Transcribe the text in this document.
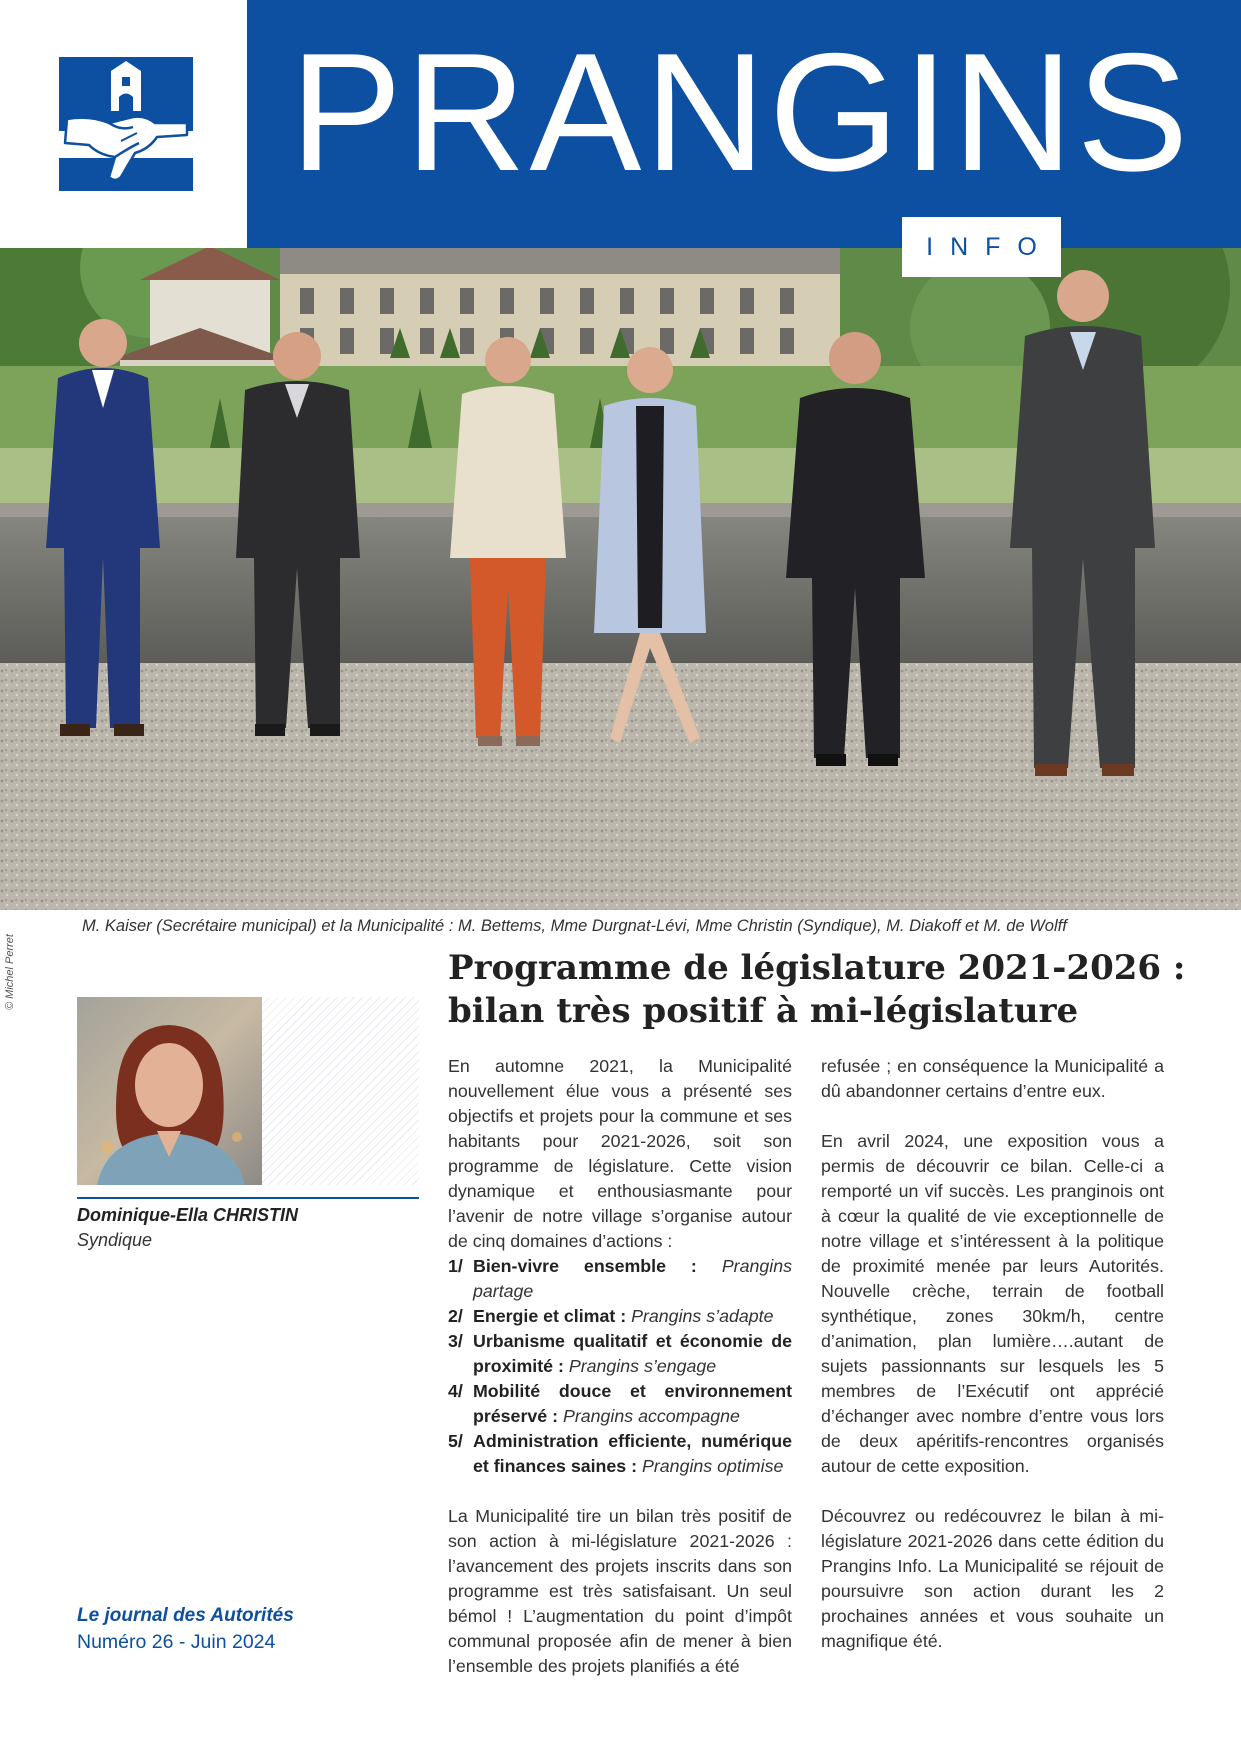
PRANGINS
INFO
M. Kaiser (Secrétaire municipal) et la Municipalité : M. Bettems, Mme Durgnat-Lévi, Mme Christin (Syndique), M. Diakoff et M. de Wolff
© Michel Perret
Dominique-Ella CHRISTIN
Syndique
Le journal des Autorités
Numéro 26 - Juin 2024
Programme de législature 2021-2026 :
bilan très positif à mi-législature

En automne 2021, la Municipalité nouvellement élue vous a présenté ses objectifs et projets pour la commune et ses habitants pour 2021-2026, soit son programme de législature. Cette vision dynamique et enthousiasmante pour l’avenir de notre village s’organise autour de cinq domaines d’actions :

1/ Bien-vivre ensemble : Prangins partage
2/ Energie et climat : Prangins s’adapte
3/ Urbanisme qualitatif et économie de proximité : Prangins s’engage
4/ Mobilité douce et environnement préservé : Prangins accompagne
5/ Administration efficiente, numérique et finances saines : Prangins optimise

La Municipalité tire un bilan très positif de son action à mi-législature 2021-2026 : l’avancement des projets inscrits dans son programme est très satisfaisant. Un seul bémol ! L’augmentation du point d’impôt communal proposée afin de mener à bien l’ensemble des projets planifiés a été

refusée ; en conséquence la Municipalité a dû abandonner certains d’entre eux.

En avril 2024, une exposition vous a permis de découvrir ce bilan. Celle-ci a remporté un vif succès. Les pranginois ont à cœur la qualité de vie exceptionnelle de notre village et s’intéressent à la politique de proximité menée par leurs Autorités. Nouvelle crèche, terrain de football synthétique, zones 30km/h, centre d’animation, plan lumière….autant de sujets passionnants sur lesquels les 5 membres de l’Exécutif ont apprécié d’échanger avec nombre d’entre vous lors de deux apéritifs-rencontres organisés autour de cette exposition.

Découvrez ou redécouvrez le bilan à mi-législature 2021-2026 dans cette édition du Prangins Info. La Municipalité se réjouit de poursuivre son action durant les 2 prochaines années et vous souhaite un magnifique été.
